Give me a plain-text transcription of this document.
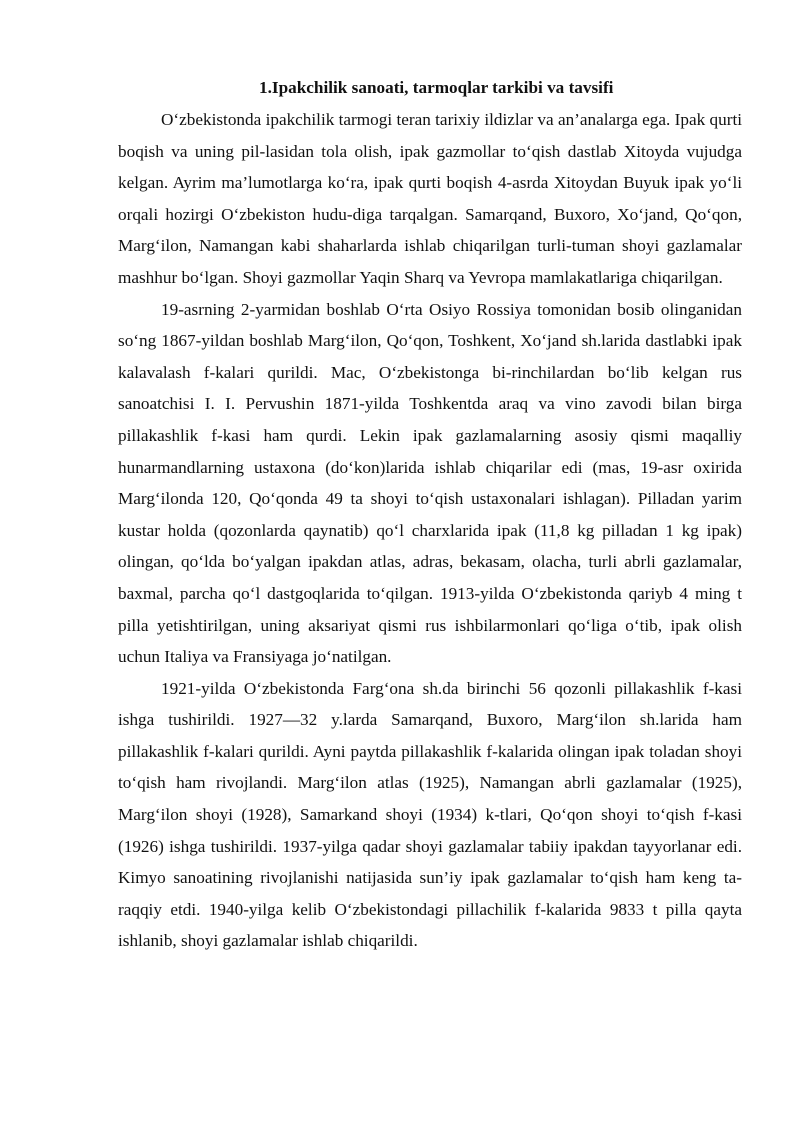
1.Ipakchilik sanoati, tarmoqlar tarkibi va tavsifi

O‘zbekistonda ipakchilik tarmogi teran tarixiy ildizlar va an’analarga ega. Ipak qurti boqish va uning pil-lasidan tola olish, ipak gazmollar to‘qish dastlab Xitoyda vujudga kelgan. Ayrim ma’lumotlarga ko‘ra, ipak qurti boqish 4-asrda Xitoydan Buyuk ipak yo‘li orqali hozirgi O‘zbekiston hudu-diga tarqalgan. Samarqand, Buxoro, Xo‘jand, Qo‘qon, Marg‘ilon, Namangan kabi shaharlarda ishlab chiqarilgan turli-tuman shoyi gazlamalar mashhur bo‘lgan. Shoyi gazmollar Yaqin Sharq va Yevropa mamlakatlariga chiqarilgan.

19-asrning 2-yarmidan boshlab O‘rta Osiyo Rossiya tomonidan bosib olinganidan so‘ng 1867-yildan boshlab Marg‘ilon, Qo‘qon, Toshkent, Xo‘jand sh.larida dastlabki ipak kalavalash f-kalari qurildi. Mac, O‘zbekistonga bi-rinchilardan bo‘lib kelgan rus sanoatchisi I. I. Pervushin 1871-yilda Toshkentda araq va vino zavodi bilan birga pillakashlik f-kasi ham qurdi. Lekin ipak gazlamalarning asosiy qismi maqalliy hunarmandlarning ustaxona (do‘kon)larida ishlab chiqarilar edi (mas, 19-asr oxirida Marg‘ilonda 120, Qo‘qonda 49 ta shoyi to‘qish ustaxonalari ishlagan). Pilladan yarim kustar holda (qozonlarda qaynatib) qo‘l charxlarida ipak (11,8 kg pilladan 1 kg ipak) olingan, qo‘lda bo‘yalgan ipakdan atlas, adras, bekasam, olacha, turli abrli gazlamalar, baxmal, parcha qo‘l dastgoqlarida to‘qilgan. 1913-yilda O‘zbekistonda qariyb 4 ming t pilla yetishtirilgan, uning aksariyat qismi rus ishbilarmonlari qo‘liga o‘tib, ipak olish uchun Italiya va Fransiyaga jo‘natilgan.

1921-yilda O‘zbekistonda Farg‘ona sh.da birinchi 56 qozonli pillakashlik f-kasi ishga tushirildi. 1927—32 y.larda Samarqand, Buxoro, Marg‘ilon sh.larida ham pillakashlik f-kalari qurildi. Ayni paytda pillakashlik f-kalarida olingan ipak toladan shoyi to‘qish ham rivojlandi. Marg‘ilon atlas (1925), Namangan abrli gazlamalar (1925), Marg‘ilon shoyi (1928), Samarkand shoyi (1934) k-tlari, Qo‘qon shoyi to‘qish f-kasi (1926) ishga tushirildi. 1937-yilga qadar shoyi gazlamalar tabiiy ipakdan tayyorlanar edi. Kimyo sanoatining rivojlanishi natijasida sun’iy ipak gazlamalar to‘qish ham keng ta-raqqiy etdi. 1940-yilga kelib O‘zbekistondagi pillachilik f-kalarida 9833 t pilla qayta ishlanib, shoyi gazlamalar ishlab chiqarildi.
